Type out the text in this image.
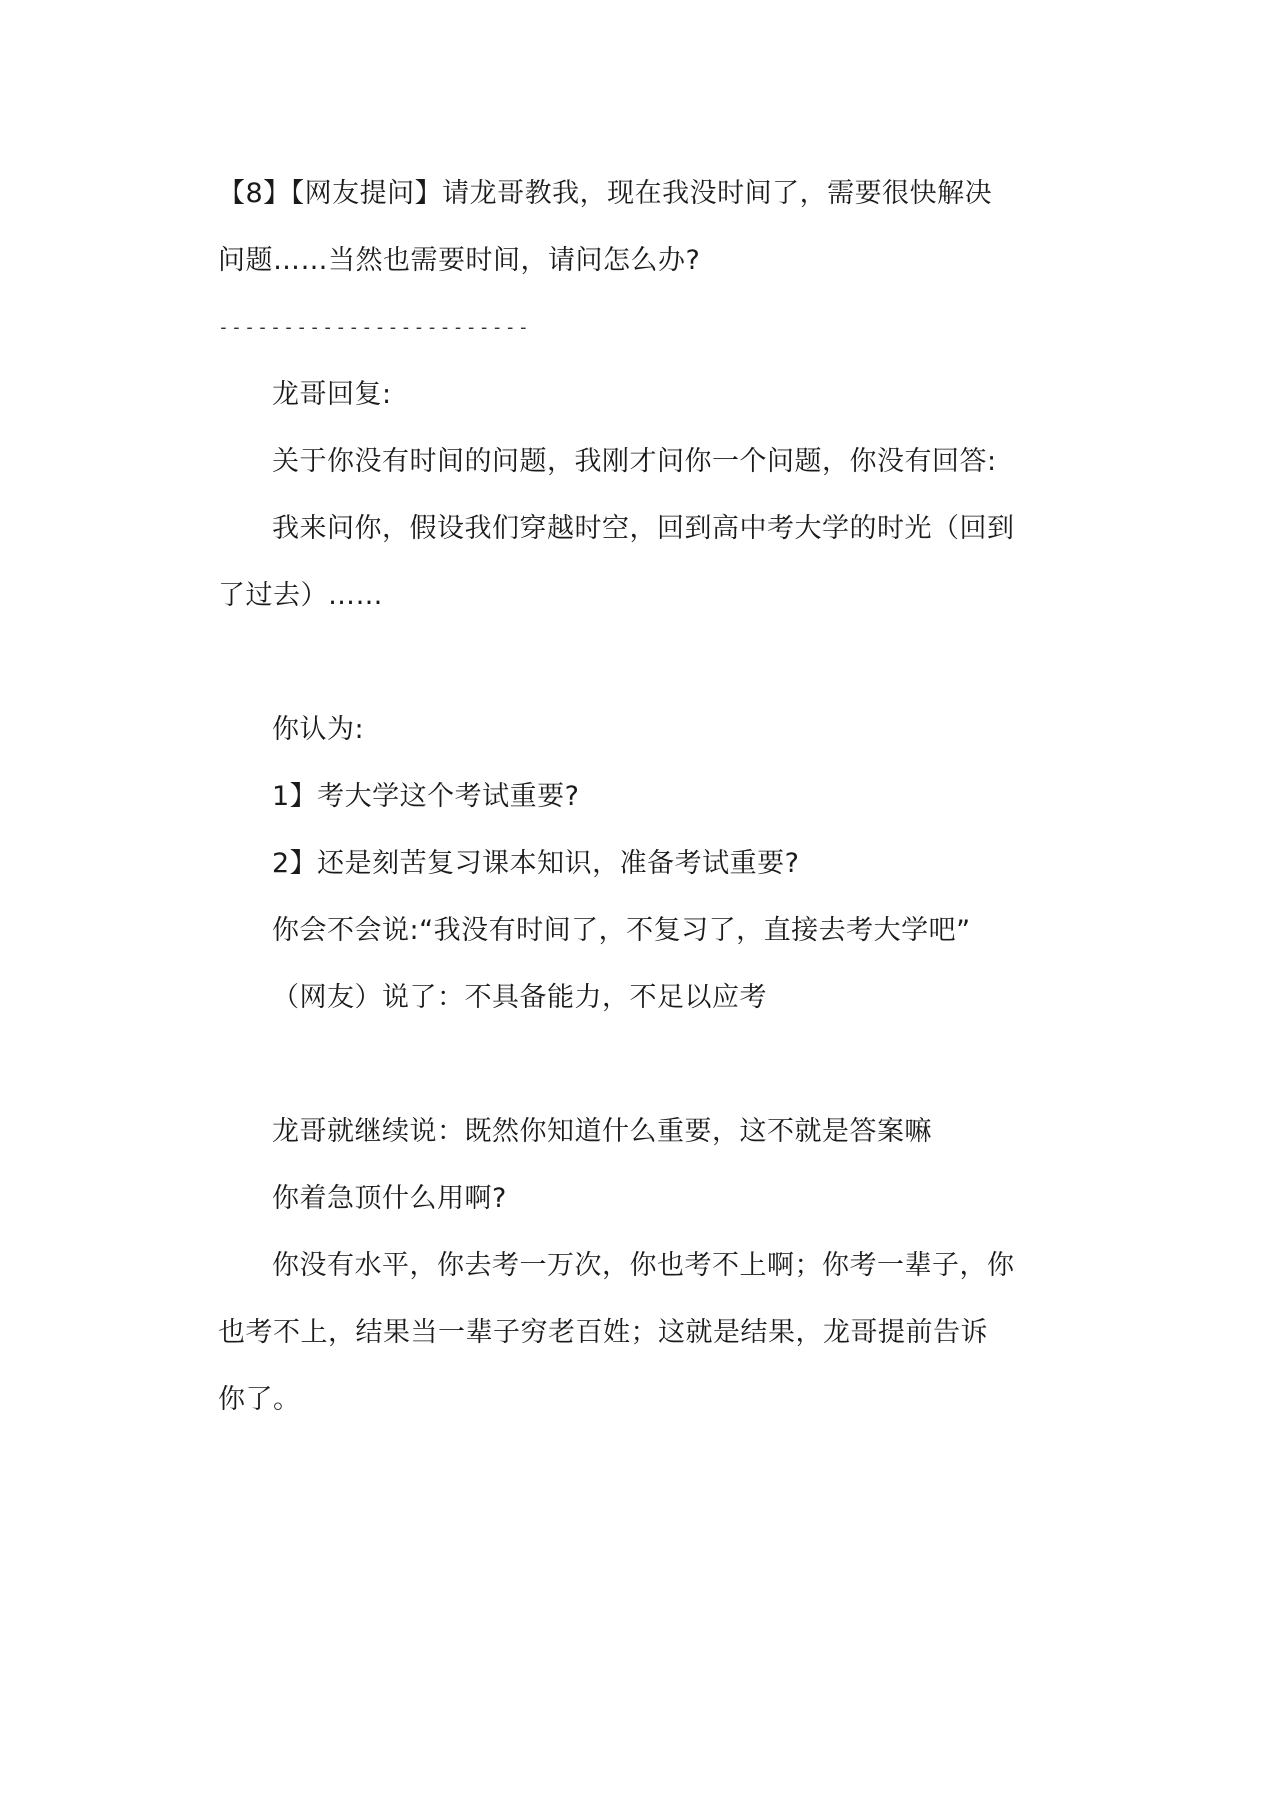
【8】【网友提问】请龙哥教我，现在我没时间了，需要很快解决
问题……当然也需要时间，请问怎么办?
------------------------
龙哥回复:
关于你没有时间的问题，我刚才问你一个问题，你没有回答:
我来问你，假设我们穿越时空，回到高中考大学的时光（回到
了过去）……
你认为:
1】考大学这个考试重要?
2】还是刻苦复习课本知识，准备考试重要?
你会不会说:“我没有时间了，不复习了，直接去考大学吧”
（网友）说了：不具备能力，不足以应考
龙哥就继续说：既然你知道什么重要，这不就是答案嘛
你着急顶什么用啊?
你没有水平，你去考一万次，你也考不上啊；你考一辈子，你
也考不上，结果当一辈子穷老百姓；这就是结果，龙哥提前告诉
你了。
